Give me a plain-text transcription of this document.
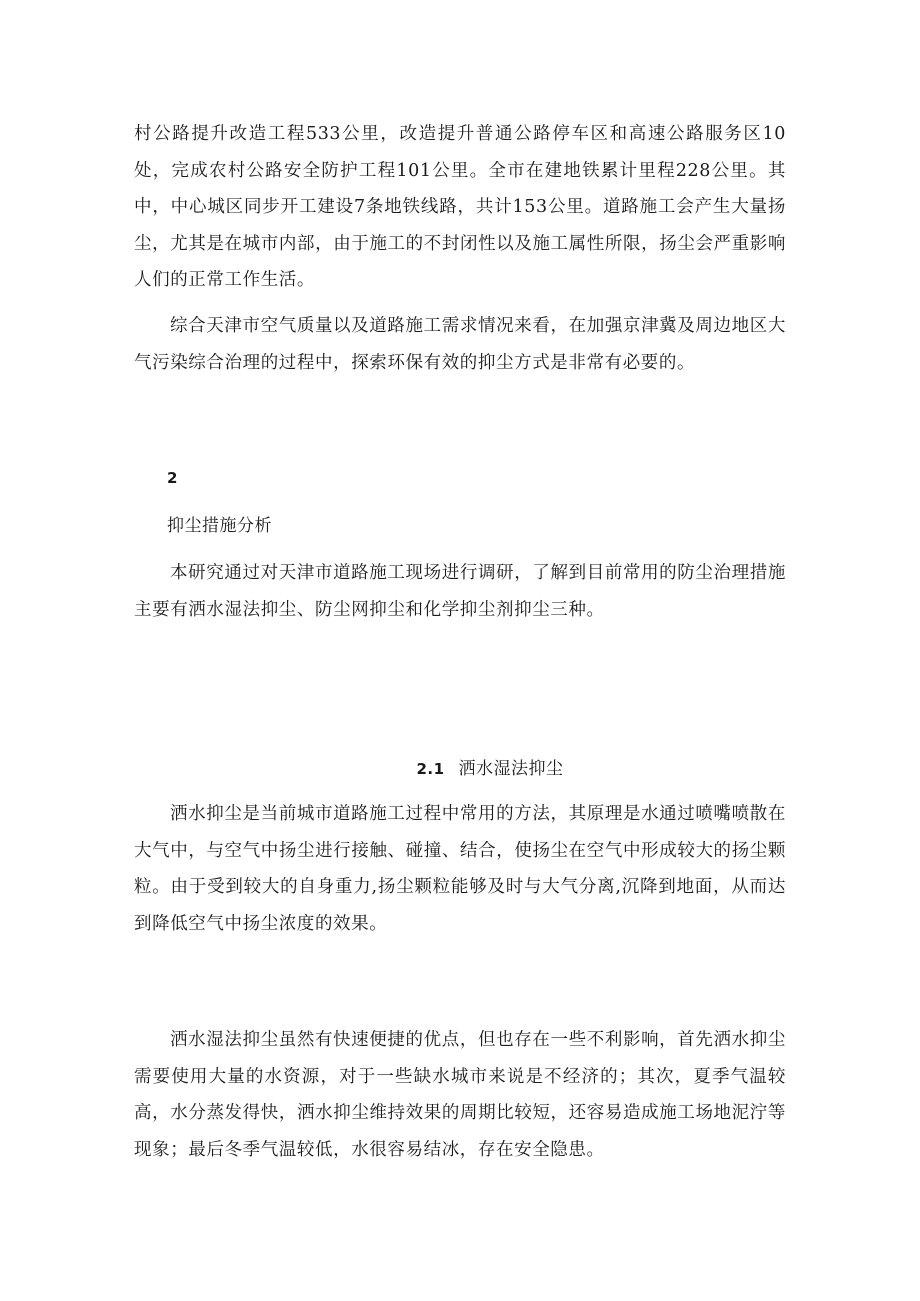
村公路提升改造工程533公里，改造提升普通公路停车区和高速公路服务区10处，完成农村公路安全防护工程101公里。全市在建地铁累计里程228公里。其中，中心城区同步开工建设7条地铁线路，共计153公里。道路施工会产生大量扬尘，尤其是在城市内部，由于施工的不封闭性以及施工属性所限，扬尘会严重影响人们的正常工作生活。

综合天津市空气质量以及道路施工需求情况来看，在加强京津冀及周边地区大气污染综合治理的过程中，探索环保有效的抑尘方式是非常有必要的。

2

抑尘措施分析

本研究通过对天津市道路施工现场进行调研，了解到目前常用的防尘治理措施主要有洒水湿法抑尘、防尘网抑尘和化学抑尘剂抑尘三种。

2.1 洒水湿法抑尘

洒水抑尘是当前城市道路施工过程中常用的方法，其原理是水通过喷嘴喷散在大气中，与空气中扬尘进行接触、碰撞、结合，使扬尘在空气中形成较大的扬尘颗粒。由于受到较大的自身重力,扬尘颗粒能够及时与大气分离,沉降到地面，从而达到降低空气中扬尘浓度的效果。

洒水湿法抑尘虽然有快速便捷的优点，但也存在一些不利影响，首先洒水抑尘需要使用大量的水资源，对于一些缺水城市来说是不经济的；其次，夏季气温较高，水分蒸发得快，洒水抑尘维持效果的周期比较短，还容易造成施工场地泥泞等现象；最后冬季气温较低，水很容易结冰，存在安全隐患。
